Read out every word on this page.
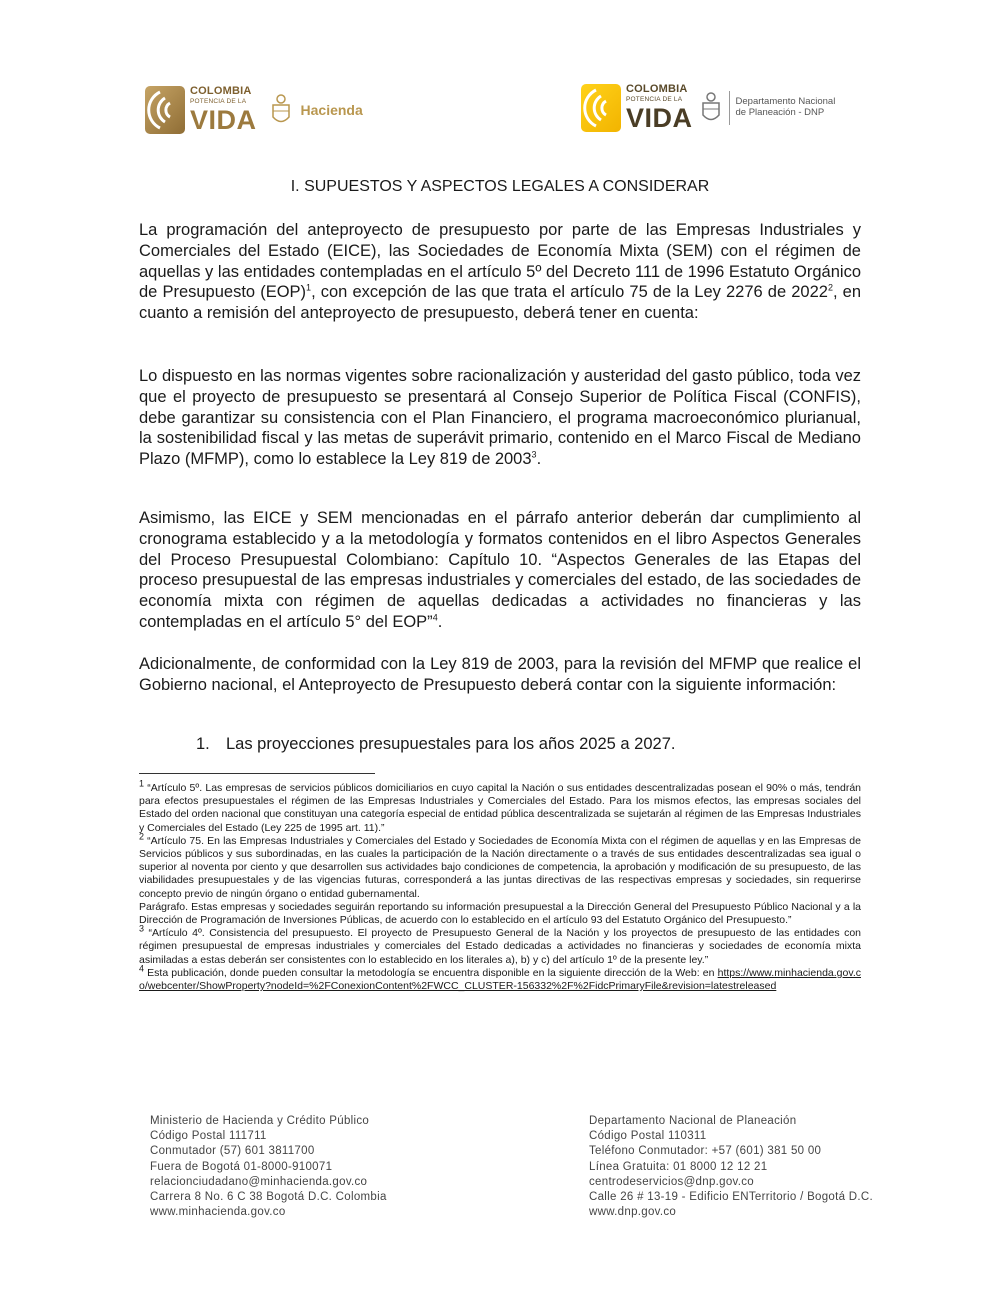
COLOMBIA
POTENCIA DE LA
VIDA	Hacienda
COLOMBIA
POTENCIA DE LA
VIDA
Departamento Nacional
de Planeación - DNP
I. SUPUESTOS Y ASPECTOS LEGALES A CONSIDERAR

La programación del anteproyecto de presupuesto por parte de las Empresas Industriales y Comerciales del Estado (EICE), las Sociedades de Economía Mixta (SEM) con el régimen de aquellas y las entidades contempladas en el artículo 5º del Decreto 111 de 1996 Estatuto Orgánico de Presupuesto (EOP)$^1$, con excepción de las que trata el artículo 75 de la Ley 2276 de 2022$^2$, en cuanto a remisión del anteproyecto de presupuesto, deberá tener en cuenta:

Lo dispuesto en las normas vigentes sobre racionalización y austeridad del gasto público, toda vez que el proyecto de presupuesto se presentará al Consejo Superior de Política Fiscal (CONFIS), debe garantizar su consistencia con el Plan Financiero, el programa macroeconómico plurianual, la sostenibilidad fiscal y las metas de superávit primario, contenido en el Marco Fiscal de Mediano Plazo (MFMP), como lo establece la Ley 819 de 2003$^3$.

Asimismo, las EICE y SEM mencionadas en el párrafo anterior deberán dar cumplimiento al cronograma establecido y a la metodología y formatos contenidos en el libro Aspectos Generales del Proceso Presupuestal Colombiano: Capítulo 10. “Aspectos Generales de las Etapas del proceso presupuestal de las empresas industriales y comerciales del estado, de las sociedades de economía mixta con régimen de aquellas dedicadas a actividades no financieras y las contempladas en el artículo 5° del EOP”$^4$.

Adicionalmente, de conformidad con la Ley 819 de 2003, para la revisión del MFMP que realice el Gobierno nacional, el Anteproyecto de Presupuesto deberá contar con la siguiente información:

1. Las proyecciones presupuestales para los años 2025 a 2027.

$^1$ “Artículo 5º. Las empresas de servicios públicos domiciliarios en cuyo capital la Nación o sus entidades descentralizadas posean el 90% o más, tendrán para efectos presupuestales el régimen de las Empresas Industriales y Comerciales del Estado. Para los mismos efectos, las empresas sociales del Estado del orden nacional que constituyan una categoría especial de entidad pública descentralizada se sujetarán al régimen de las Empresas Industriales y Comerciales del Estado (Ley 225 de 1995 art. 11).”

$^2$ “Artículo 75. En las Empresas Industriales y Comerciales del Estado y Sociedades de Economía Mixta con el régimen de aquellas y en las Empresas de Servicios públicos y sus subordinadas, en las cuales la participación de la Nación directamente o a través de sus entidades descentralizadas sea igual o superior al noventa por ciento y que desarrollen sus actividades bajo condiciones de competencia, la aprobación y modificación de su presupuesto, de las viabilidades presupuestales y de las vigencias futuras, corresponderá a las juntas directivas de las respectivas empresas y sociedades, sin requerirse concepto previo de ningún órgano o entidad gubernamental.

Parágrafo. Estas empresas y sociedades seguirán reportando su información presupuestal a la Dirección General del Presupuesto Público Nacional y a la Dirección de Programación de Inversiones Públicas, de acuerdo con lo establecido en el artículo 93 del Estatuto Orgánico del Presupuesto.”

$^3$ “Artículo 4º. Consistencia del presupuesto. El proyecto de Presupuesto General de la Nación y los proyectos de presupuesto de las entidades con régimen presupuestal de empresas industriales y comerciales del Estado dedicadas a actividades no financieras y sociedades de economía mixta asimiladas a estas deberán ser consistentes con lo establecido en los literales a), b) y c) del artículo 1º de la presente ley.”

$^4$ Esta publicación, donde pueden consultar la metodología se encuentra disponible en la siguiente dirección de la Web: en https://www.minhacienda.gov.co/webcenter/ShowProperty?nodeId=%2FConexionContent%2FWCC_CLUSTER-156332%2F%2FidcPrimaryFile&revision=latestreleased

Ministerio de Hacienda y Crédito Público
Código Postal 111711
Conmutador (57) 601 3811700
Fuera de Bogotá 01-8000-910071
relacionciudadano@minhacienda.gov.co
Carrera 8 No. 6 C 38 Bogotá D.C. Colombia
www.minhacienda.gov.co
Departamento Nacional de Planeación
Código Postal 110311
Teléfono Conmutador: +57 (601) 381 50 00
Línea Gratuita: 01 8000 12 12 21
centrodeservicios@dnp.gov.co
Calle 26 # 13-19 - Edificio ENTerritorio / Bogotá D.C.
www.dnp.gov.co
